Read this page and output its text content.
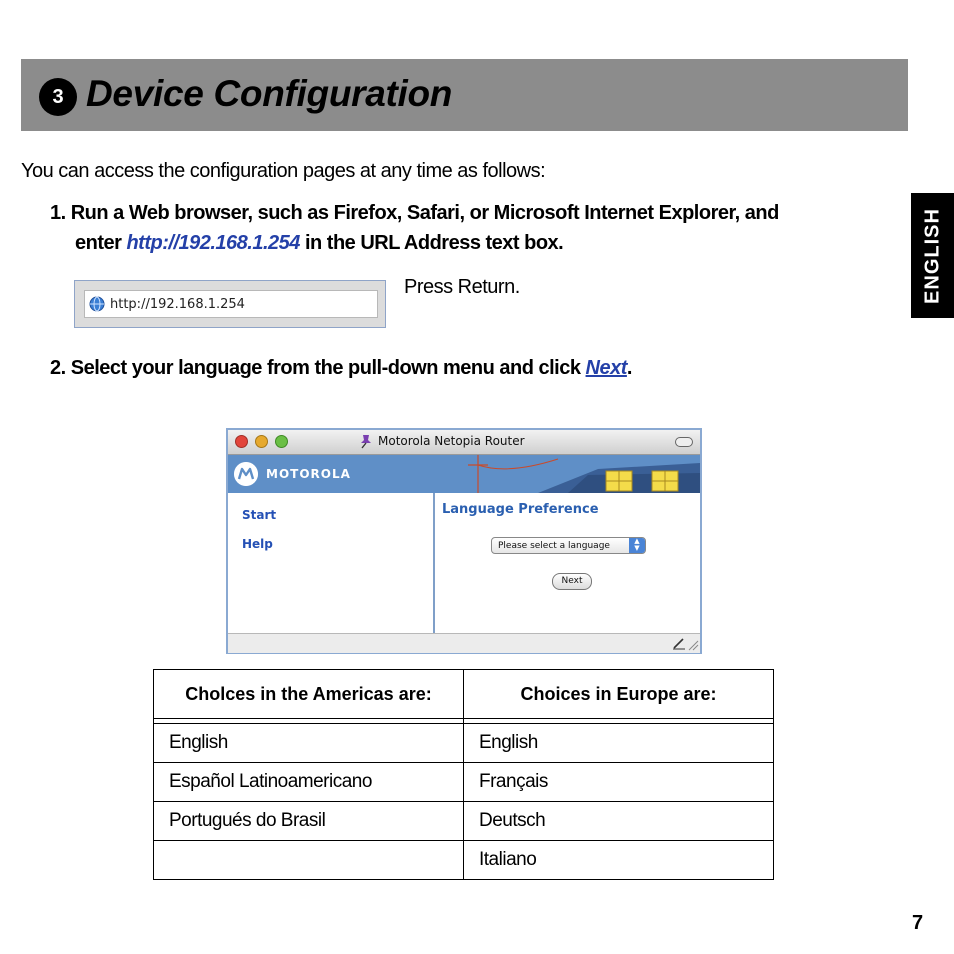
3 Device Configuration
ENGLISH
You can access the configuration pages at any time as follows:
1. Run a Web browser, such as Firefox, Safari, or Microsoft Internet Explorer, and
enter http://192.168.1.254 in the URL Address text box.
http://192.168.1.254
Press Return.
2. Select your language from the pull-down menu and click Next.
Motorola Netopia Router
MOTOROLA
Start
Help
Language Preference
Please select a language	▲
▼
Next
Cholces in the Americas are:	Choices in Europe are:

English	English
Español Latinoamericano	Français
Portugués do Brasil	Deutsch
	Italiano
7
